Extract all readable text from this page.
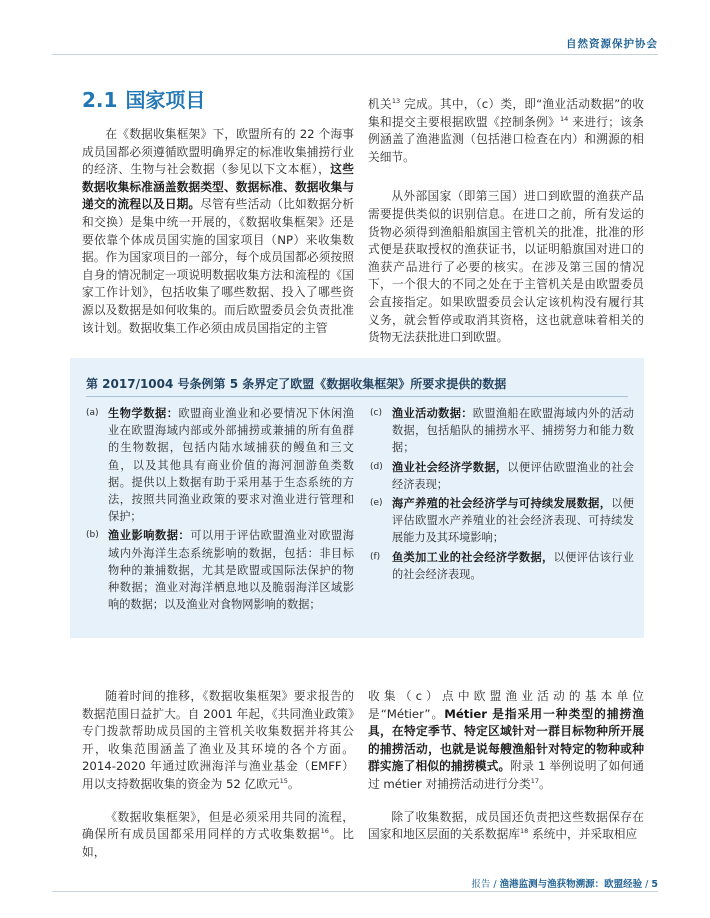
自然资源保护协会
2.1 国家项目

在《数据收集框架》下，欧盟所有的 22 个海事成员国都必须遵循欧盟明确界定的标准收集捕捞行业的经济、生物与社会数据（参见以下文本框），这些数据收集标准涵盖数据类型、数据标准、数据收集与递交的流程以及日期。尽管有些活动（比如数据分析和交换）是集中统一开展的，《数据收集框架》还是要依靠个体成员国实施的国家项目（NP）来收集数据。作为国家项目的一部分，每个成员国都必须按照自身的情况制定一项说明数据收集方法和流程的《国家工作计划》，包括收集了哪些数据、投入了哪些资源以及数据是如何收集的。而后欧盟委员会负责批准该计划。数据收集工作必须由成员国指定的主管

机关$^{13}$ 完成。其中，（c）类，即“渔业活动数据”的收集和提交主要根据欧盟《控制条例》$^{14}$ 来进行；该条例涵盖了渔港监测（包括港口检查在内）和溯源的相关细节。

从外部国家（即第三国）进口到欧盟的渔获产品需要提供类似的识别信息。在进口之前，所有发运的货物必须得到渔船船旗国主管机关的批准，批准的形式便是获取授权的渔获证书，以证明船旗国对进口的渔获产品进行了必要的核实。在涉及第三国的情况下，一个很大的不同之处在于主管机关是由欧盟委员会直接指定。如果欧盟委员会认定该机构没有履行其义务，就会暂停或取消其资格，这也就意味着相关的货物无法获批进口到欧盟。

第 2017/1004 号条例第 5 条界定了欧盟《数据收集框架》所要求提供的数据
(a) 生物学数据：欧盟商业渔业和必要情况下休闲渔业在欧盟海域内部或外部捕捞或兼捕的所有鱼群的生物数据，包括内陆水域捕获的鳗鱼和三文鱼，以及其他具有商业价值的海河洄游鱼类数据。提供以上数据有助于采用基于生态系统的方法，按照共同渔业政策的要求对渔业进行管理和保护；
(b) 渔业影响数据：可以用于评估欧盟渔业对欧盟海域内外海洋生态系统影响的数据，包括：非目标物种的兼捕数据，尤其是欧盟或国际法保护的物种数据；渔业对海洋栖息地以及脆弱海洋区域影响的数据；以及渔业对食物网影响的数据；
(c) 渔业活动数据：欧盟渔船在欧盟海域内外的活动数据，包括船队的捕捞水平、捕捞努力和能力数据；
(d) 渔业社会经济学数据，以便评估欧盟渔业的社会经济表现；
(e) 海产养殖的社会经济学与可持续发展数据，以便评估欧盟水产养殖业的社会经济表现、可持续发展能力及其环境影响；
(f)	鱼类加工业的社会经济学数据，以便评估该行业的社会经济表现。

随着时间的推移，《数据收集框架》要求报告的数据范围日益扩大。自 2001 年起，《共同渔业政策》专门拨款帮助成员国的主管机关收集数据并将其公开，收集范围涵盖了渔业及其环境的各个方面。2014-2020 年通过欧洲海洋与渔业基金（EMFF）用以支持数据收集的资金为 52 亿欧元$^{15}$。

《数据收集框架》，但是必须采用共同的流程，确保所有成员国都采用同样的方式收集数据$^{16}$。比如，

收集（c）点中欧盟渔业活动的基本单位是“Métier”。Métier 是指采用一种类型的捕捞渔具，在特定季节、特定区域针对一群目标物种所开展的捕捞活动，也就是说每艘渔船针对特定的物种或种群实施了相似的捕捞模式。附录 1 举例说明了如何通过 métier 对捕捞活动进行分类$^{17}$。

除了收集数据，成员国还负责把这些数据保存在国家和地区层面的关系数据库$^{18}$ 系统中，并采取相应

报告 / 渔港监测与渔获物溯源：欧盟经验 / 5
